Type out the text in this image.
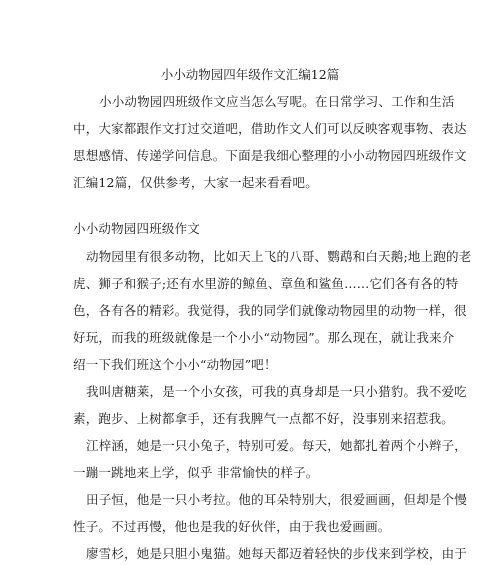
小小动物园四年级作文汇编12篇
小小动物园四班级作文应当怎么写呢。在日常学习、工作和生活
中，大家都跟作文打过交道吧，借助作文人们可以反映客观事物、表达
思想感情、传递学问信息。下面是我细心整理的小小动物园四班级作文
汇编12篇，仅供参考，大家一起来看看吧。
小小动物园四班级作文
动物园里有很多动物，比如天上飞的八哥、鹦鹉和白天鹅;地上跑的老
虎、狮子和猴子;还有水里游的鲸鱼、章鱼和鲨鱼……它们各有各的特
色，各有各的精彩。我觉得，我的同学们就像动物园里的动物一样，很
好玩，而我的班级就像是一个小小“动物园”。那么现在，就让我来介
绍一下我们班这个小小“动物园”吧！
我叫唐糖莱，是一个小女孩，可我的真身却是一只小猎豹。我不爱吃
素，跑步、上树都拿手，还有我脾气一点都不好，没事别来招惹我。
江梓涵，她是一只小兔子，特别可爱。每天，她都扎着两个小辫子，
一蹦一跳地来上学，似乎 非常愉快的样子。
田子恒，他是一只小考拉。他的耳朵特别大，很爱画画，但却是个慢
性子。不过再慢，他也是我的好伙伴，由于我也爱画画。
廖雪杉，她是只胆小鬼猫。她每天都迈着轻快的步伐来到学校，由于
